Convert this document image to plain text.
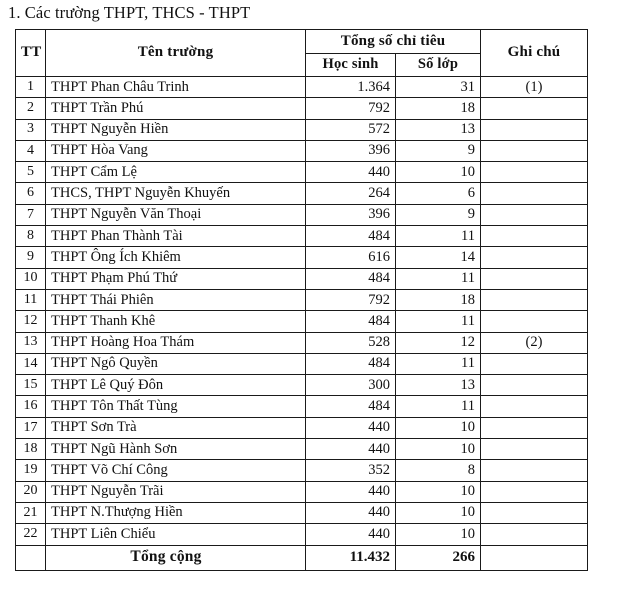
1. Các trường THPT, THCS - THPT
TT	Tên trường	Tổng số chỉ tiêu		Ghi chú
		Học sinh	Số lớp	
1	THPT Phan Châu Trinh	1.364	31	(1)
2	THPT Trần Phú	792	18	
3	THPT Nguyễn Hiền	572	13	
4	THPT Hòa Vang	396	9	
5	THPT Cẩm Lệ	440	10	
6	THCS, THPT Nguyễn Khuyến	264	6	
7	THPT Nguyễn Văn Thoại	396	9	
8	THPT Phan Thành Tài	484	11	
9	THPT Ông Ích Khiêm	616	14	
10	THPT Phạm Phú Thứ	484	11	
11	THPT Thái Phiên	792	18	
12	THPT Thanh Khê	484	11	
13	THPT Hoàng Hoa Thám	528	12	(2)
14	THPT Ngô Quyền	484	11	
15	THPT Lê Quý Đôn	300	13	
16	THPT Tôn Thất Tùng	484	11	
17	THPT Sơn Trà	440	10	
18	THPT Ngũ Hành Sơn	440	10	
19	THPT Võ Chí Công	352	8	
20	THPT Nguyễn Trãi	440	10	
21	THPT N.Thượng Hiền	440	10	
22	THPT Liên Chiểu	440	10	
	Tổng cộng	11.432	266	
